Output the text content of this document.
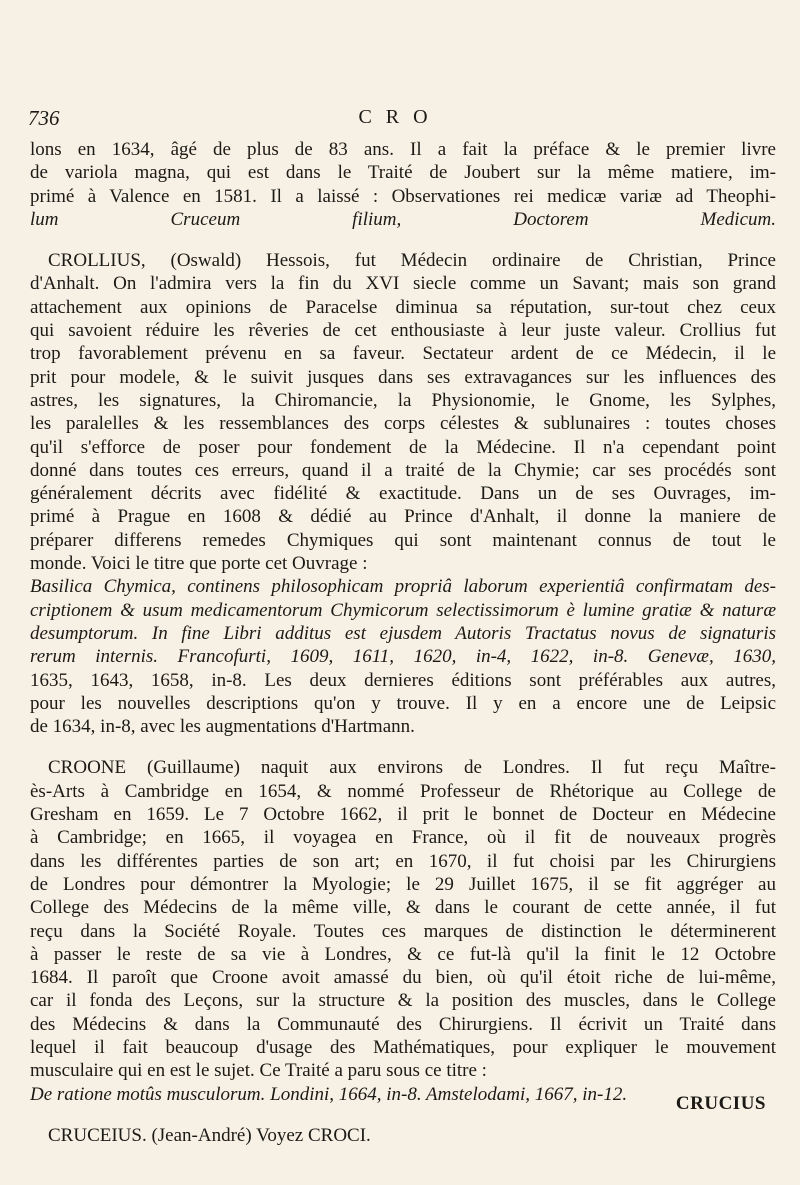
736	CRO
lons en 1634, âgé de plus de 83 ans. Il a fait la préface & le premier livre
de variola magna, qui est dans le Traité de Joubert sur la même matiere, im-
primé à Valence en 1581. Il a laissé : Observationes rei medicæ variæ ad Theophi-
lum Cruceum filium, Doctorem Medicum.
CROLLIUS, (Oswald) Hessois, fut Médecin ordinaire de Christian, Prince
d'Anhalt. On l'admira vers la fin du XVI siecle comme un Savant; mais son grand
attachement aux opinions de Paracelse diminua sa réputation, sur-tout chez ceux
qui savoient réduire les rêveries de cet enthousiaste à leur juste valeur. Crollius fut
trop favorablement prévenu en sa faveur. Sectateur ardent de ce Médecin, il le
prit pour modele, & le suivit jusques dans ses extravagances sur les influences des
astres, les signatures, la Chiromancie, la Physionomie, le Gnome, les Sylphes,
les paralelles & les ressemblances des corps célestes & sublunaires : toutes choses
qu'il s'efforce de poser pour fondement de la Médecine. Il n'a cependant point
donné dans toutes ces erreurs, quand il a traité de la Chymie; car ses procédés sont
généralement décrits avec fidélité & exactitude. Dans un de ses Ouvrages, im-
primé à Prague en 1608 & dédié au Prince d'Anhalt, il donne la maniere de
préparer differens remedes Chymiques qui sont maintenant connus de tout le
monde. Voici le titre que porte cet Ouvrage :
Basilica Chymica, continens philosophicam propriâ laborum experientiâ confirmatam des-
criptionem & usum medicamentorum Chymicorum selectissimorum è lumine gratiæ & naturæ
desumptorum. In fine Libri additus est ejusdem Autoris Tractatus novus de signaturis
rerum internis. Francofurti, 1609, 1611, 1620, in-4, 1622, in-8. Genevæ, 1630,
1635, 1643, 1658, in-8. Les deux dernieres éditions sont préférables aux autres,
pour les nouvelles descriptions qu'on y trouve. Il y en a encore une de Leipsic
de 1634, in-8, avec les augmentations d'Hartmann.
CROONE (Guillaume) naquit aux environs de Londres. Il fut reçu Maître-
ès-Arts à Cambridge en 1654, & nommé Professeur de Rhétorique au College de
Gresham en 1659. Le 7 Octobre 1662, il prit le bonnet de Docteur en Médecine
à Cambridge; en 1665, il voyagea en France, où il fit de nouveaux progrès
dans les différentes parties de son art; en 1670, il fut choisi par les Chirurgiens
de Londres pour démontrer la Myologie; le 29 Juillet 1675, il se fit aggréger au
College des Médecins de la même ville, & dans le courant de cette année, il fut
reçu dans la Société Royale. Toutes ces marques de distinction le déterminerent
à passer le reste de sa vie à Londres, & ce fut-là qu'il la finit le 12 Octobre
1684. Il paroît que Croone avoit amassé du bien, où qu'il étoit riche de lui-même,
car il fonda des Leçons, sur la structure & la position des muscles, dans le College
des Médecins & dans la Communauté des Chirurgiens. Il écrivit un Traité dans
lequel il fait beaucoup d'usage des Mathématiques, pour expliquer le mouvement
musculaire qui en est le sujet. Ce Traité a paru sous ce titre :
De ratione motûs musculorum. Londini, 1664, in-8. Amstelodami, 1667, in-12.
CRUCEIUS. (Jean-André) Voyez CROCI.
CRUCIUS
